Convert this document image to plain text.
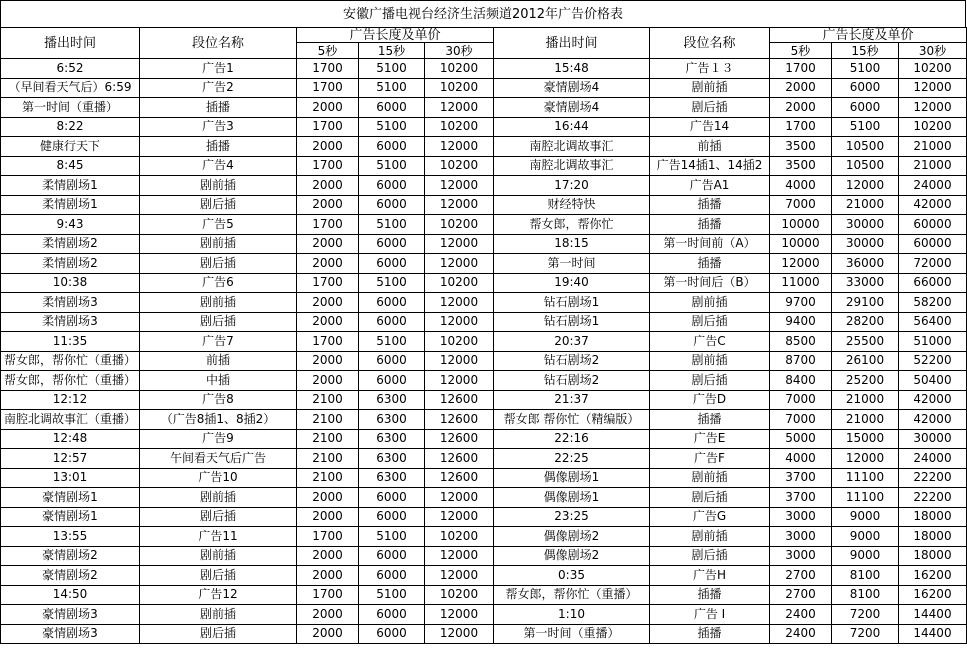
安徽广播电视台经济生活频道2012年广告价格表
播出时间	段位名称	广告长度及单价			播出时间	段位名称	广告长度及单价		
		5秒	15秒	30秒			5秒	15秒	30秒
6:52	广告1	1700	5100	10200	15:48	广告１３	1700	5100	10200
（早间看天气后）6:59	广告2	1700	5100	10200	豪情剧场4	剧前插	2000	6000	12000
第一时间（重播）	插播	2000	6000	12000	豪情剧场4	剧后插	2000	6000	12000
8:22	广告3	1700	5100	10200	16:44	广告14	1700	5100	10200
健康行天下	插播	2000	6000	12000	南腔北调故事汇	前插	3500	10500	21000
8:45	广告4	1700	5100	10200	南腔北调故事汇	广告14插1、14插2	3500	10500	21000
柔情剧场1	剧前插	2000	6000	12000	17:20	广告A1	4000	12000	24000
柔情剧场1	剧后插	2000	6000	12000	财经特快	插播	7000	21000	42000
9:43	广告5	1700	5100	10200	帮女郎，帮你忙	插播	10000	30000	60000
柔情剧场2	剧前插	2000	6000	12000	18:15	第一时间前（A）	10000	30000	60000
柔情剧场2	剧后插	2000	6000	12000	第一时间	插播	12000	36000	72000
10:38	广告6	1700	5100	10200	19:40	第一时间后（B）	11000	33000	66000
柔情剧场3	剧前插	2000	6000	12000	钻石剧场1	剧前插	9700	29100	58200
柔情剧场3	剧后插	2000	6000	12000	钻石剧场1	剧后插	9400	28200	56400
11:35	广告7	1700	5100	10200	20:37	广告C	8500	25500	51000
帮女郎，帮你忙（重播）	前插	2000	6000	12000	钻石剧场2	剧前插	8700	26100	52200
帮女郎，帮你忙（重播）	中插	2000	6000	12000	钻石剧场2	剧后插	8400	25200	50400
12:12	广告8	2100	6300	12600	21:37	广告D	7000	21000	42000
南腔北调故事汇（重播）	（广告8插1、8插2）	2100	6300	12600	帮女郎 帮你忙（精编版）	插播	7000	21000	42000
12:48	广告9	2100	6300	12600	22:16	广告E	5000	15000	30000
12:57	午间看天气后广告	2100	6300	12600	22:25	广告F	4000	12000	24000
13:01	广告10	2100	6300	12600	偶像剧场1	剧前插	3700	11100	22200
豪情剧场1	剧前插	2000	6000	12000	偶像剧场1	剧后插	3700	11100	22200
豪情剧场1	剧后插	2000	6000	12000	23:25	广告G	3000	9000	18000
13:55	广告11	1700	5100	10200	偶像剧场2	剧前插	3000	9000	18000
豪情剧场2	剧前插	2000	6000	12000	偶像剧场2	剧后插	3000	9000	18000
豪情剧场2	剧后插	2000	6000	12000	0:35	广告H	2700	8100	16200
14:50	广告12	1700	5100	10200	帮女郎，帮你忙（重播）	插播	2700	8100	16200
豪情剧场3	剧前插	2000	6000	12000	1:10	广告 I	2400	7200	14400
豪情剧场3	剧后插	2000	6000	12000	第一时间（重播）	插播	2400	7200	14400
